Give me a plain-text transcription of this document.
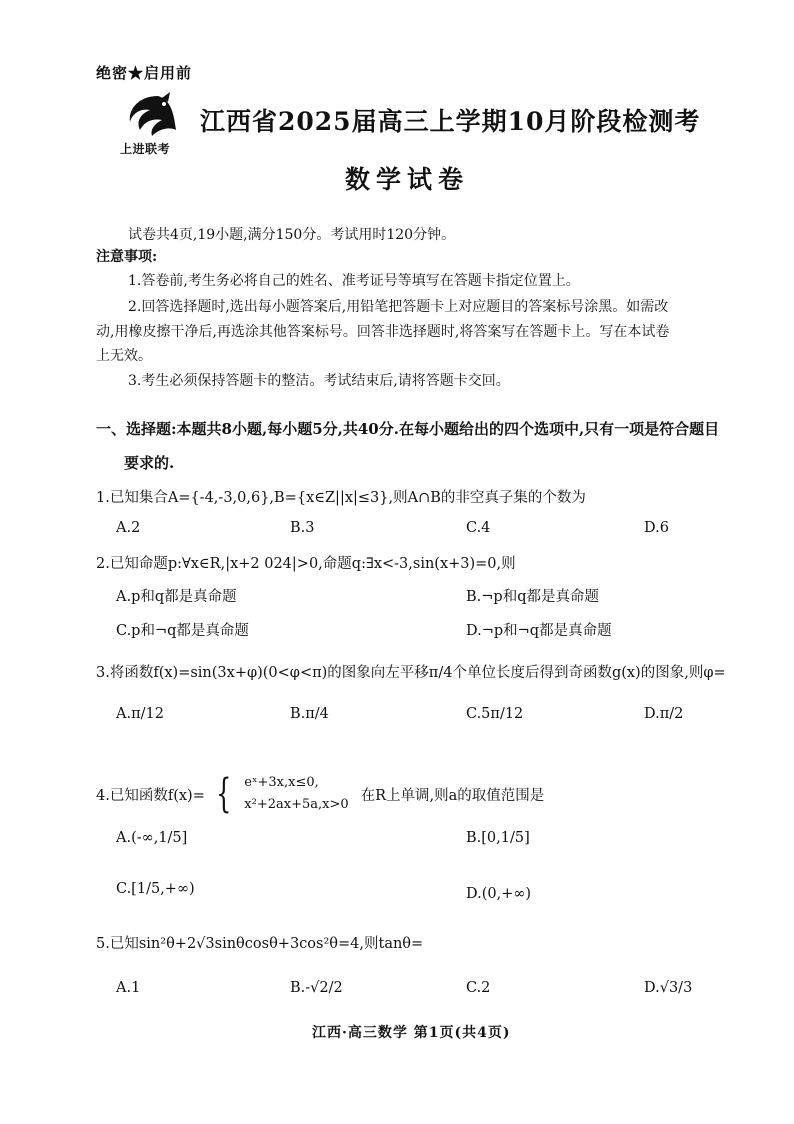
绝密★启用前
上进联考
江西省2025届高三上学期10月阶段检测考
数学试卷
试卷共4页,19小题,满分150分。考试用时120分钟。
注意事项:
1.答卷前,考生务必将自己的姓名、准考证号等填写在答题卡指定位置上。
2.回答选择题时,选出每小题答案后,用铅笔把答题卡上对应题目的答案标号涂黑。如需改
动,用橡皮擦干净后,再选涂其他答案标号。回答非选择题时,将答案写在答题卡上。写在本试卷
上无效。
3.考生必须保持答题卡的整洁。考试结束后,请将答题卡交回。
一、选择题:本题共8小题,每小题5分,共40分.在每小题给出的四个选项中,只有一项是符合题目
要求的.
1.已知集合A={-4,-3,0,6},B={x∈Z||x|≤3},则A∩B的非空真子集的个数为
A.2	B.3	C.4	D.6
2.已知命题p:∀x∈R,|x+2 024|>0,命题q:∃x<-3,sin(x+3)=0,则
A.p和q都是真命题	B.¬p和q都是真命题
C.p和¬q都是真命题	D.¬p和¬q都是真命题
3.将函数f(x)=sin(3x+φ)(0<φ<π)的图象向左平移π/4个单位长度后得到奇函数g(x)的图象,则φ=
A.π/12	B.π/4	C.5π/12	D.π/2
4.已知函数f(x)= { eˣ+3x,x≤0,
x²+2ax+5a,x>0
在R上单调,则a的取值范围是
A.(-∞,1/5]	B.[0,1/5]
C.[1/5,+∞)	D.(0,+∞)
5.已知sin²θ+2√3sinθcosθ+3cos²θ=4,则tanθ=
A.1	B.-√2/2	C.2	D.√3/3
江西·高三数学 第1页(共4页)
